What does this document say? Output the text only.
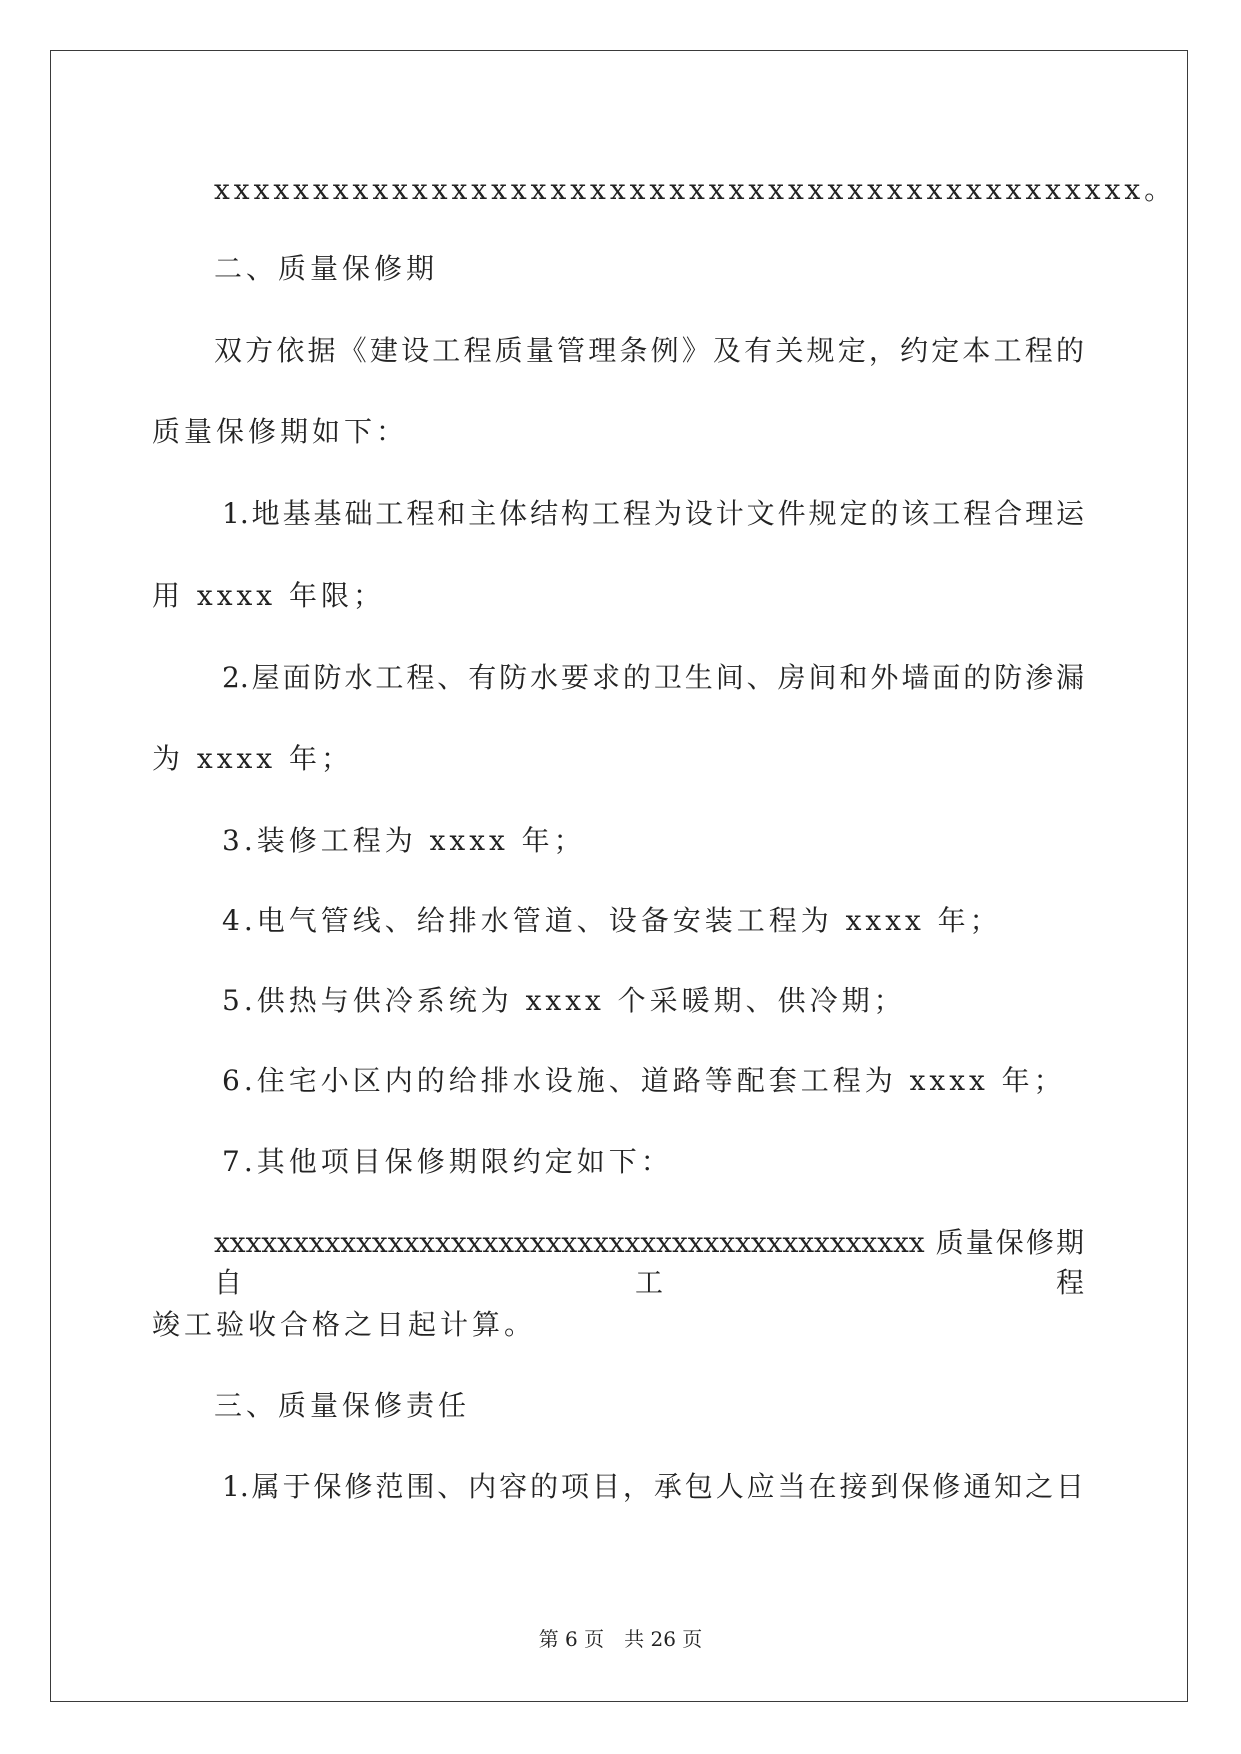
xxxxxxxxxxxxxxxxxxxxxxxxxxxxxxxxxxxxxxxxxxxxxxx。
二、质量保修期
双方依据《建设工程质量管理条例》及有关规定，约定本工程的
质量保修期如下：
1.地基基础工程和主体结构工程为设计文件规定的该工程合理运
用 xxxx 年限；
2.屋面防水工程、有防水要求的卫生间、房间和外墙面的防渗漏
为 xxxx 年；
3.装修工程为 xxxx 年；
4.电气管线、给排水管道、设备安装工程为 xxxx 年；
5.供热与供冷系统为 xxxx 个采暖期、供冷期；
6.住宅小区内的给排水设施、道路等配套工程为 xxxx 年；
7.其他项目保修期限约定如下：
xxxxxxxxxxxxxxxxxxxxxxxxxxxxxxxxxxxxxxxxxxxxx 质量保修期自工程
竣工验收合格之日起计算。
三、质量保修责任
1.属于保修范围、内容的项目，承包人应当在接到保修通知之日
第 6 页　共 26 页
